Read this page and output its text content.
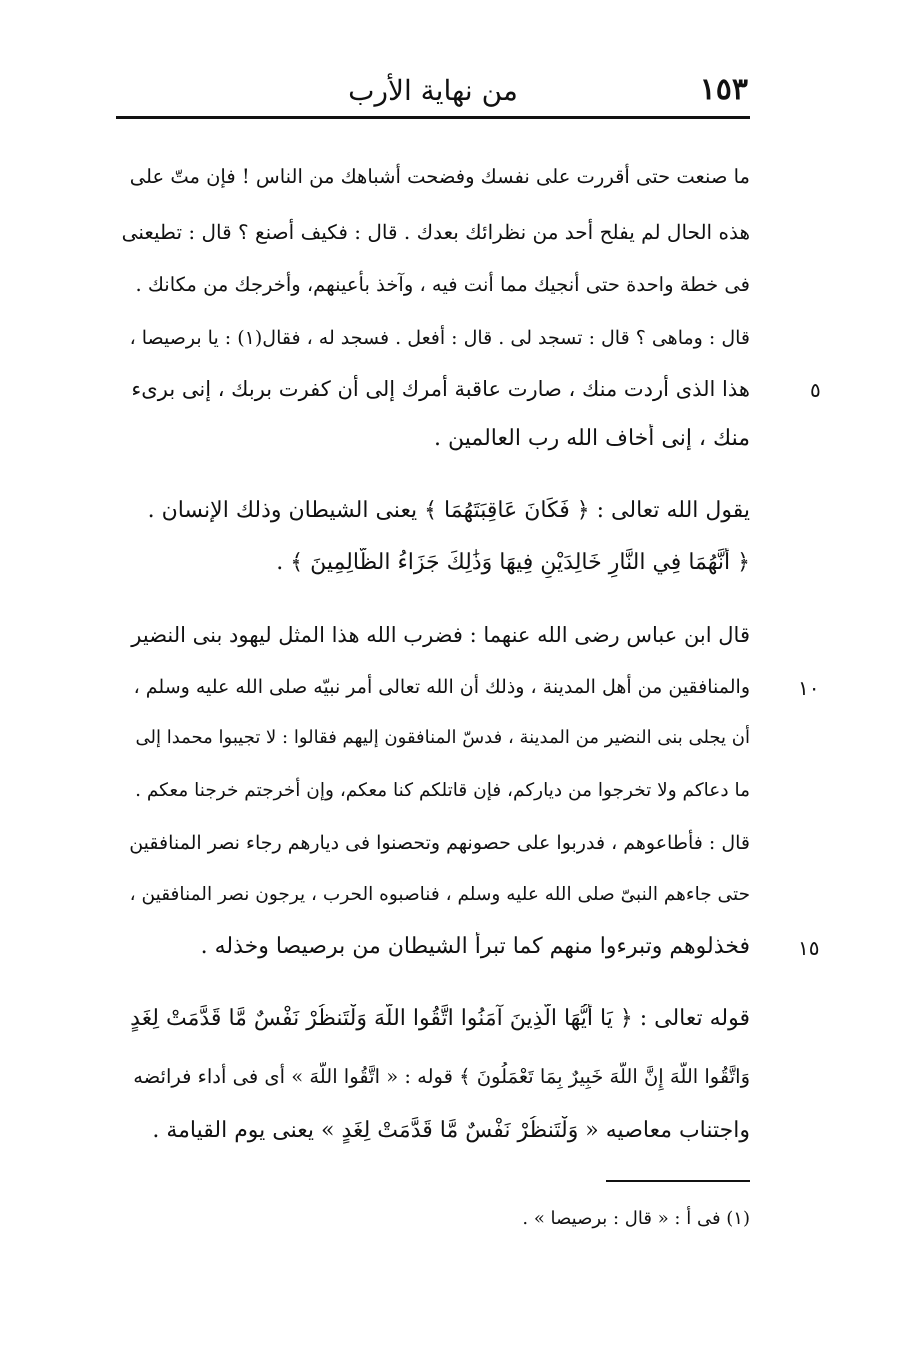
١٥٣
من نهاية الأرب
ما صنعت حتى أقررت على نفسك وفضحت أشباهك من الناس ! فإن متّ على
هذه الحال لم يفلح أحد من نظرائك بعدك . قال : فكيف أصنع ؟ قال : تطيعنى
فى خطة واحدة حتى أنجيك مما أنت فيه ، وآخذ بأعينهم، وأخرجك من مكانك .
قال : وماهى ؟ قال : تسجد لى . قال : أفعل . فسجد له ، فقال(١) : يا برصيصا ،
هذا الذى أردت منك ، صارت عاقبة أمرك إلى أن كفرت بربك ، إنى برىء
منك ، إنى أخاف الله رب العالمين .
يقول الله تعالى : ﴿ فَكَانَ عَاقِبَتَهُمَا ﴾ يعنى الشيطان وذلك الإنسان .
﴿ أَنَّهُمَا فِي النَّارِ خَالِدَيْنِ فِيهَا وَذَٰلِكَ جَزَاءُ الظَّالِمِينَ ﴾ .
قال ابن عباس رضى الله عنهما : فضرب الله هذا المثل ليهود بنى النضير
والمنافقين من أهل المدينة ، وذلك أن الله تعالى أمر نبيّه صلى الله عليه وسلم ،
أن يجلى بنى النضير من المدينة ، فدسّ المنافقون إليهم فقالوا : لا تجيبوا محمدا إلى
ما دعاكم ولا تخرجوا من دياركم، فإن قاتلكم كنا معكم، وإن أخرجتم خرجنا معكم .
قال : فأطاعوهم ، فدربوا على حصونهم وتحصنوا فى ديارهم رجاء نصر المنافقين
حتى جاءهم النبىّ صلى الله عليه وسلم ، فناصبوه الحرب ، يرجون نصر المنافقين ،
فخذلوهم وتبرءوا منهم كما تبرأ الشيطان من برصيصا وخذله .
قوله تعالى : ﴿ يَا أَيُّهَا الَّذِينَ آمَنُوا اتَّقُوا اللَّهَ وَلْتَنظُرْ نَفْسٌ مَّا قَدَّمَتْ لِغَدٍ
وَاتَّقُوا اللَّهَ إِنَّ اللَّهَ خَبِيرٌ بِمَا تَعْمَلُونَ ﴾ قوله : « اتَّقُوا اللَّهَ » أى فى أداء فرائضه
واجتناب معاصيه « وَلْتَنظُرْ نَفْسٌ مَّا قَدَّمَتْ لِغَدٍ » يعنى يوم القيامة .
٥
١٠
١٥
(١) فى أ : « قال : برصيصا » .
